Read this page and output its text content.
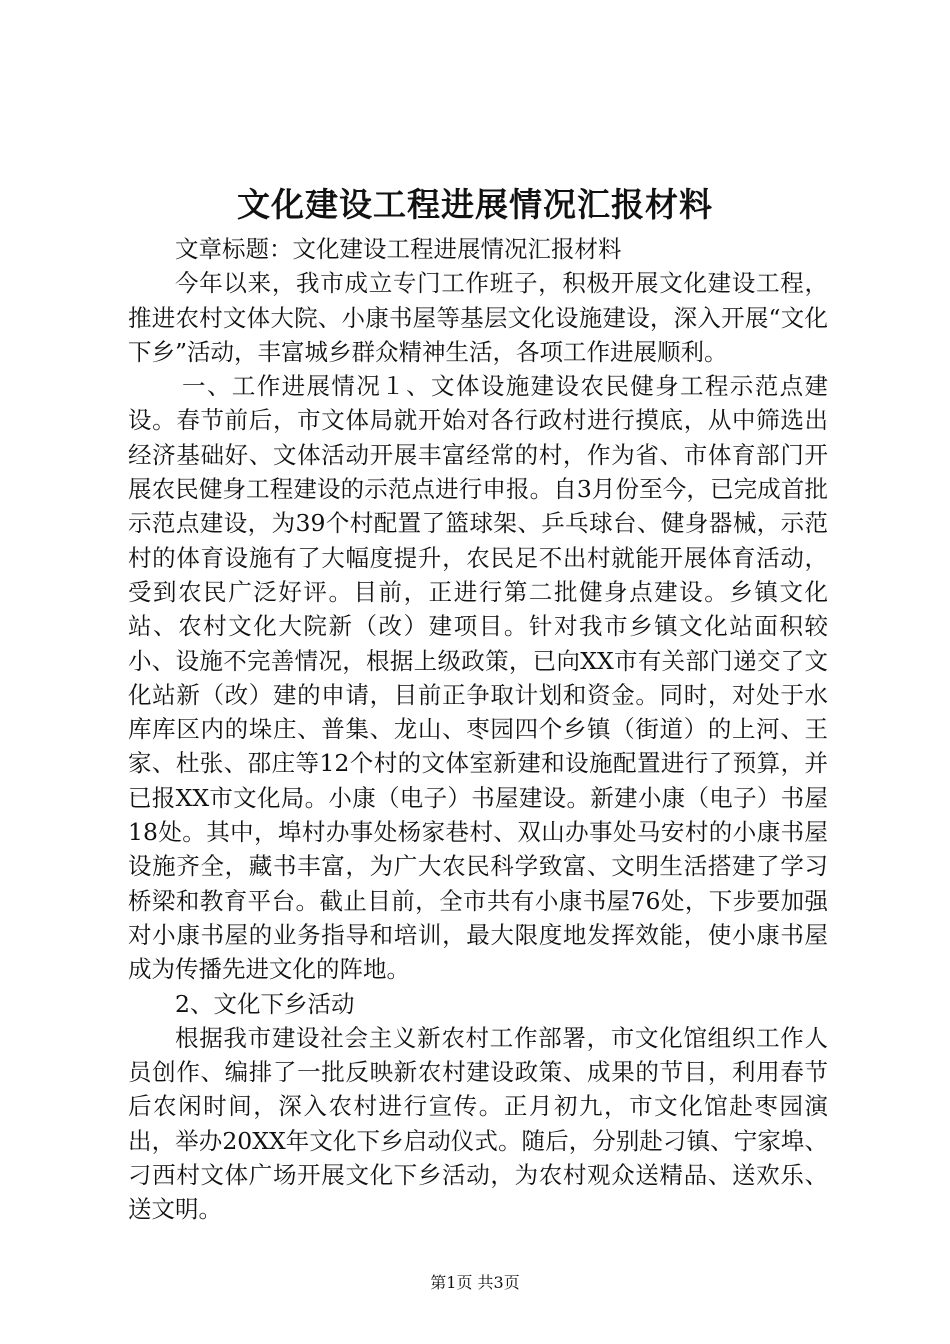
文化建设工程进展情况汇报材料

文章标题：文化建设工程进展情况汇报材料

今年以来，我市成立专门工作班子，积极开展文化建设工程，推进农村文体大院、小康书屋等基层文化设施建设，深入开展“文化下乡”活动，丰富城乡群众精神生活，各项工作进展顺利。

一、工作进展情况１、文体设施建设农民健身工程示范点建设。春节前后，市文体局就开始对各行政村进行摸底，从中筛选出经济基础好、文体活动开展丰富经常的村，作为省、市体育部门开展农民健身工程建设的示范点进行申报。自3月份至今，已完成首批示范点建设，为39个村配置了篮球架、乒乓球台、健身器械，示范村的体育设施有了大幅度提升，农民足不出村就能开展体育活动，受到农民广泛好评。目前，正进行第二批健身点建设。乡镇文化站、农村文化大院新（改）建项目。针对我市乡镇文化站面积较小、设施不完善情况，根据上级政策，已向XX市有关部门递交了文化站新（改）建的申请，目前正争取计划和资金。同时，对处于水库库区内的垛庄、普集、龙山、枣园四个乡镇（街道）的上河、王家、杜张、邵庄等12个村的文体室新建和设施配置进行了预算，并已报XX市文化局。小康（电子）书屋建设。新建小康（电子）书屋18处。其中，埠村办事处杨家巷村、双山办事处马安村的小康书屋设施齐全，藏书丰富，为广大农民科学致富、文明生活搭建了学习桥梁和教育平台。截止目前，全市共有小康书屋76处，下步要加强对小康书屋的业务指导和培训，最大限度地发挥效能，使小康书屋成为传播先进文化的阵地。

2、文化下乡活动

根据我市建设社会主义新农村工作部署，市文化馆组织工作人员创作、编排了一批反映新农村建设政策、成果的节目，利用春节后农闲时间，深入农村进行宣传。正月初九，市文化馆赴枣园演出，举办20XX年文化下乡启动仪式。随后，分别赴刁镇、宁家埠、刁西村文体广场开展文化下乡活动，为农村观众送精品、送欢乐、送文明。

第1页 共3页
